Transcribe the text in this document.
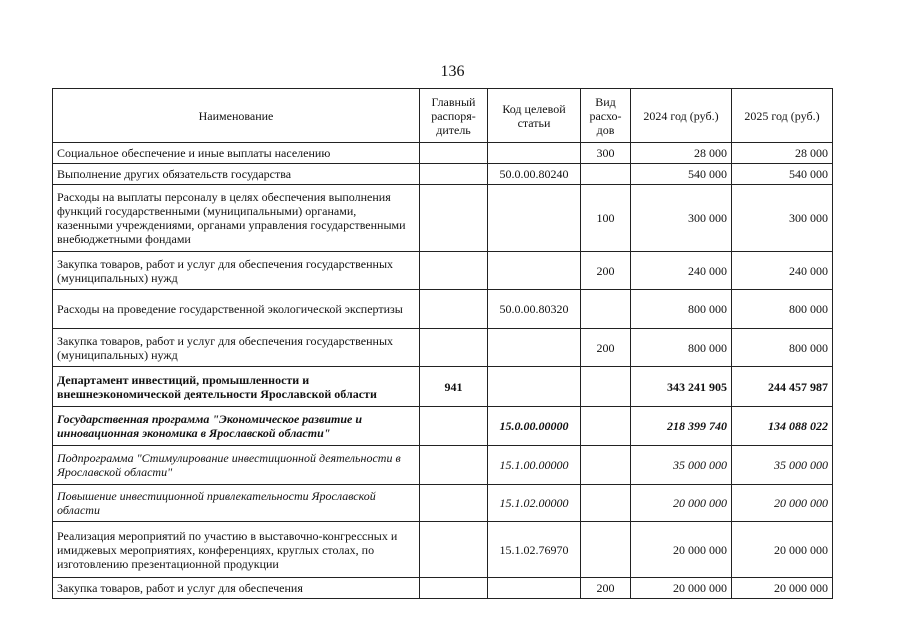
136
Наименование	Главный распоря-дитель	Код целевой статьи	Вид расхо-дов	2024 год (руб.)	2025 год (руб.)
Социальное обеспечение и иные выплаты населению			300	28 000	28 000
Выполнение других обязательств государства		50.0.00.80240		540 000	540 000
Расходы на выплаты персоналу в целях обеспечения выполнения функций государственными (муниципальными) органами, казенными учреждениями, органами управления государственными внебюджетными фондами			100	300 000	300 000
Закупка товаров, работ и услуг для обеспечения государственных (муниципальных) нужд			200	240 000	240 000
Расходы на проведение государственной экологической экспертизы		50.0.00.80320		800 000	800 000
Закупка товаров, работ и услуг для обеспечения государственных (муниципальных) нужд			200	800 000	800 000
Департамент инвестиций, промышленности и внешнеэкономической деятельности Ярославской области	941			343 241 905	244 457 987
Государственная программа "Экономическое развитие и инновационная экономика в Ярославской области"		15.0.00.00000		218 399 740	134 088 022
Подпрограмма "Стимулирование инвестиционной деятельности в Ярославской области"		15.1.00.00000		35 000 000	35 000 000
Повышение инвестиционной привлекательности Ярославской области		15.1.02.00000		20 000 000	20 000 000
Реализация мероприятий по участию в выставочно-конгрессных и имиджевых мероприятиях, конференциях, круглых столах, по изготовлению презентационной продукции		15.1.02.76970		20 000 000	20 000 000
Закупка товаров, работ и услуг для обеспечения			200	20 000 000	20 000 000
